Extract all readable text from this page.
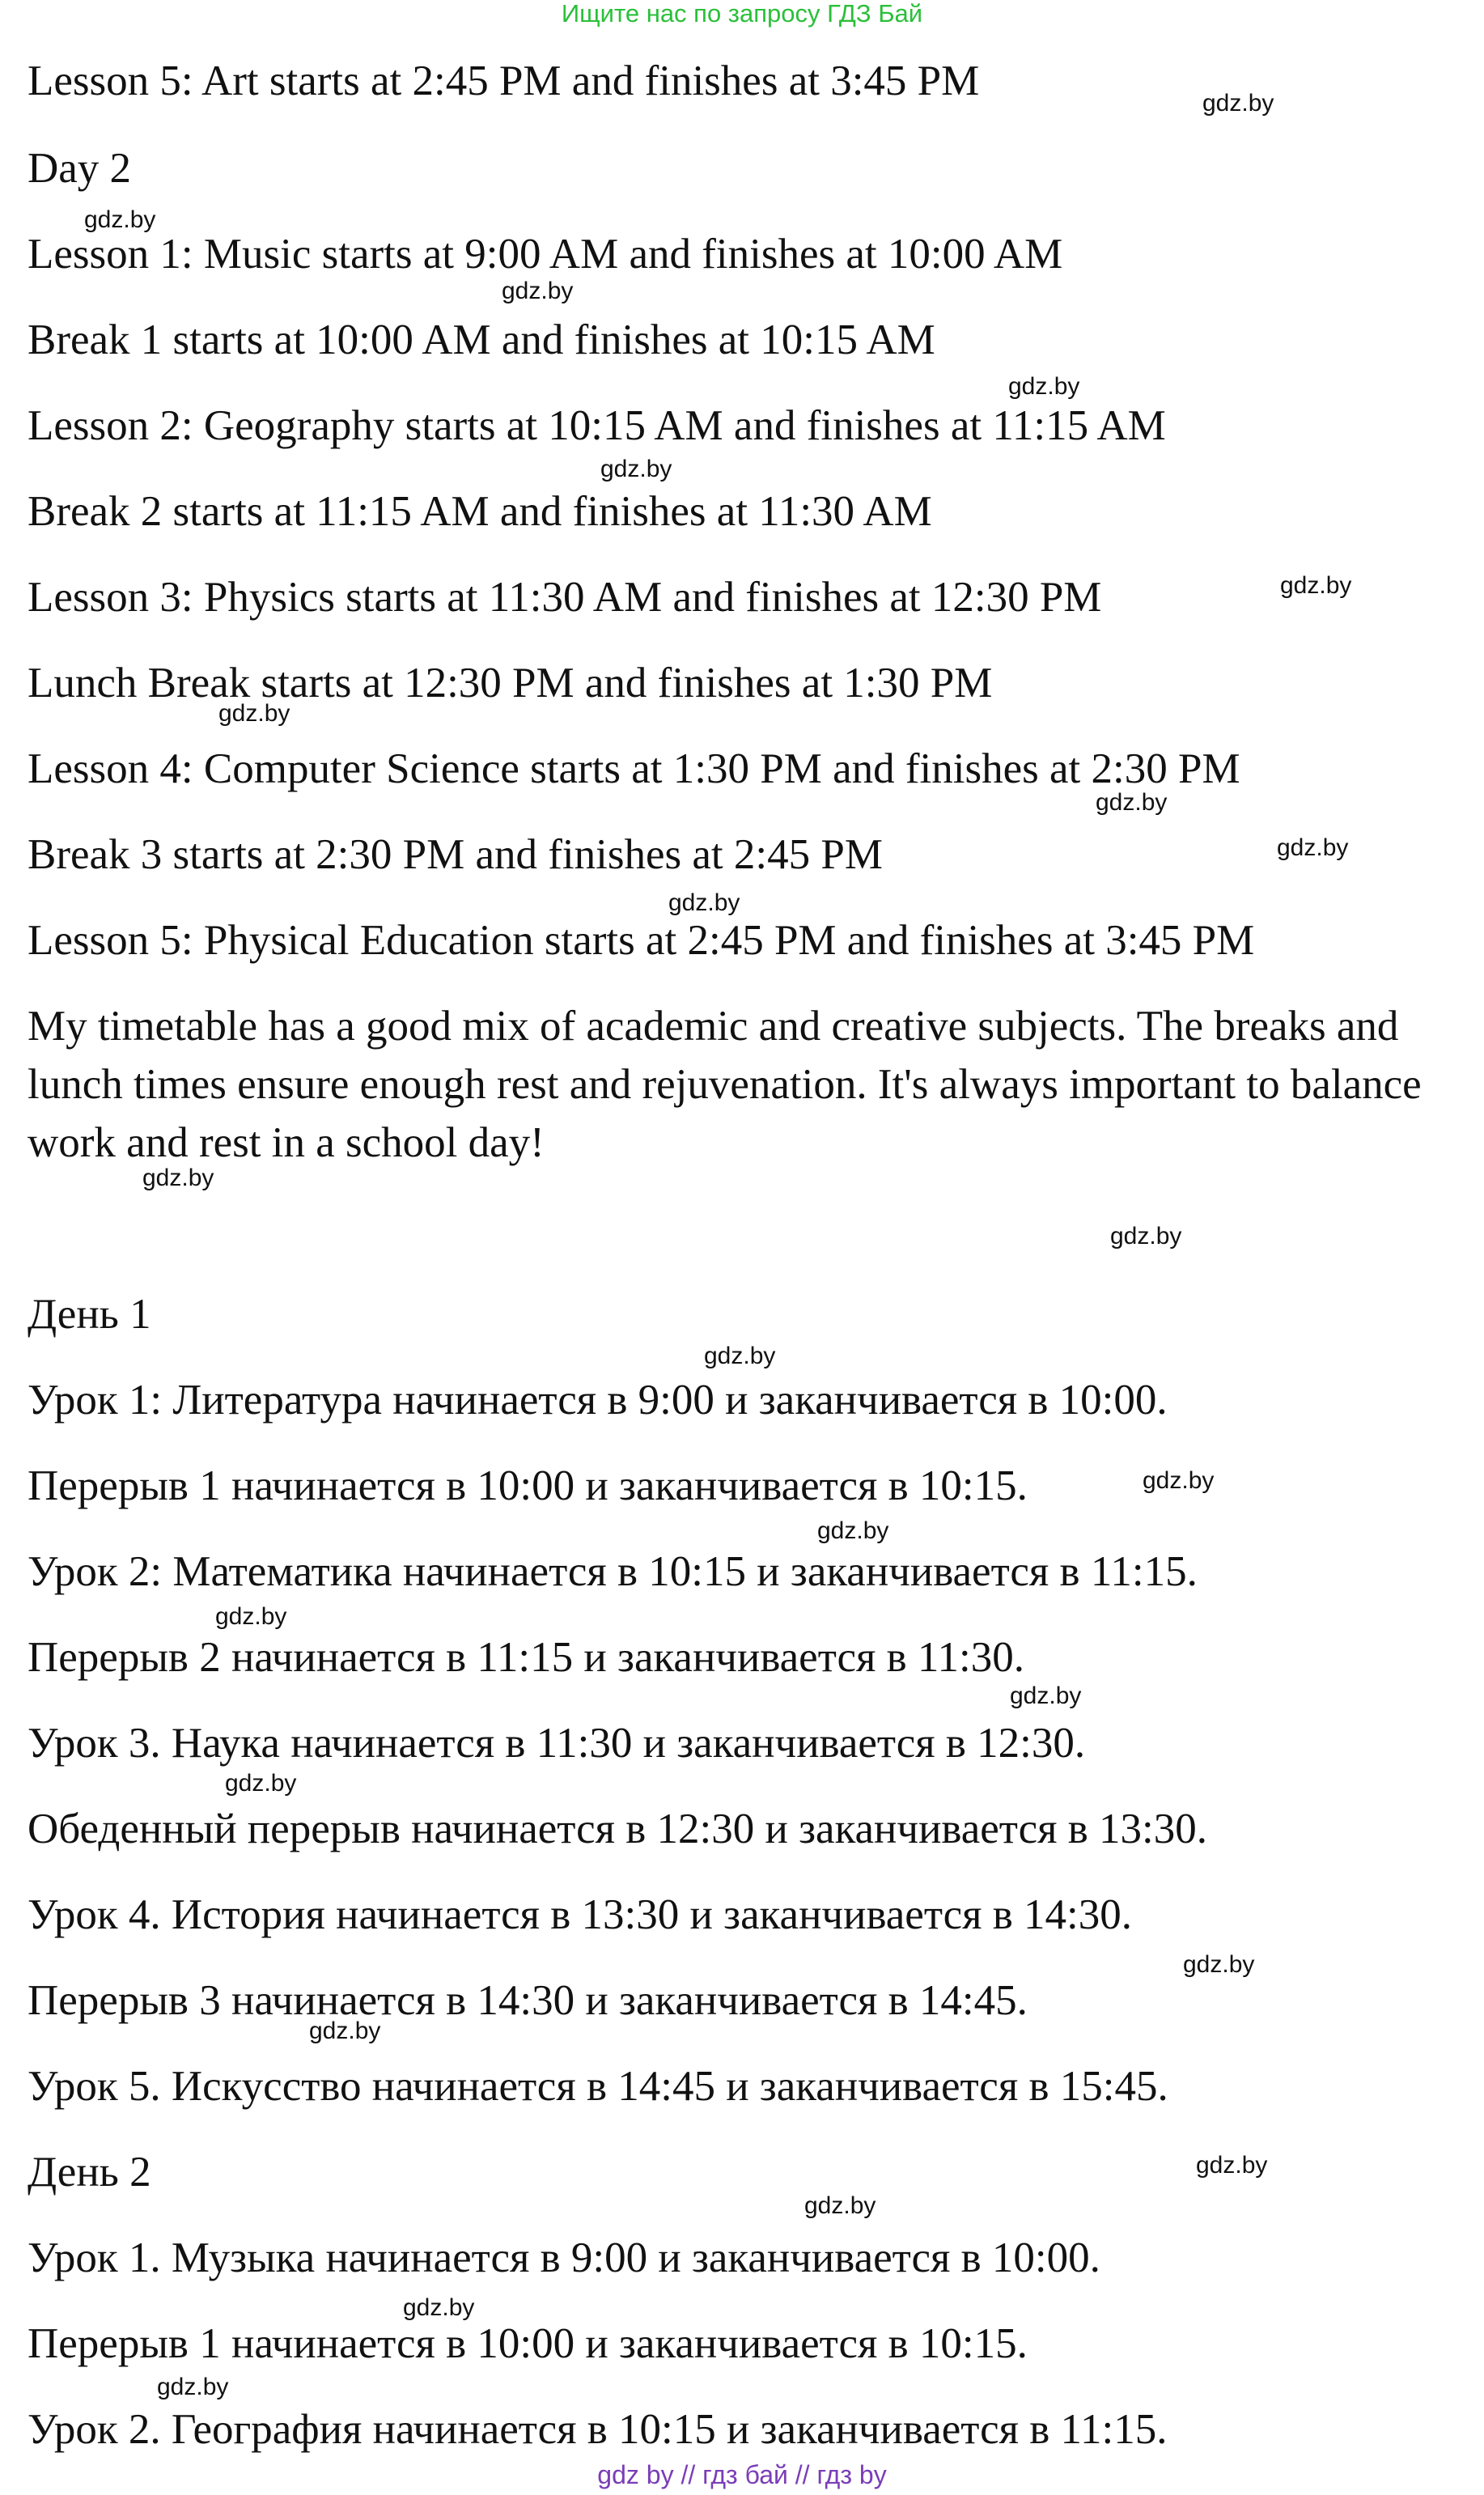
Ищите нас по запросу ГДЗ Бай
Lesson 5: Art starts at 2:45 PM and finishes at 3:45 PM
Day 2
Lesson 1: Music starts at 9:00 AM and finishes at 10:00 AM
Break 1 starts at 10:00 AM and finishes at 10:15 AM
Lesson 2: Geography starts at 10:15 AM and finishes at 11:15 AM
Break 2 starts at 11:15 AM and finishes at 11:30 AM
Lesson 3: Physics starts at 11:30 AM and finishes at 12:30 PM
Lunch Break starts at 12:30 PM and finishes at 1:30 PM
Lesson 4: Computer Science starts at 1:30 PM and finishes at 2:30 PM
Break 3 starts at 2:30 PM and finishes at 2:45 PM
Lesson 5: Physical Education starts at 2:45 PM and finishes at 3:45 PM
My timetable has a good mix of academic and creative subjects. The breaks and lunch times ensure enough rest and rejuvenation. It's always important to balance work and rest in a school day!
День 1
Урок 1: Литература начинается в 9:00 и заканчивается в 10:00.
Перерыв 1 начинается в 10:00 и заканчивается в 10:15.
Урок 2: Математика начинается в 10:15 и заканчивается в 11:15.
Перерыв 2 начинается в 11:15 и заканчивается в 11:30.
Урок 3. Наука начинается в 11:30 и заканчивается в 12:30.
Обеденный перерыв начинается в 12:30 и заканчивается в 13:30.
Урок 4. История начинается в 13:30 и заканчивается в 14:30.
Перерыв 3 начинается в 14:30 и заканчивается в 14:45.
Урок 5. Искусство начинается в 14:45 и заканчивается в 15:45.
День 2
Урок 1. Музыка начинается в 9:00 и заканчивается в 10:00.
Перерыв 1 начинается в 10:00 и заканчивается в 10:15.
Урок 2. География начинается в 10:15 и заканчивается в 11:15.
gdz.by
gdz.by
gdz.by
gdz.by
gdz.by
gdz.by
gdz.by
gdz.by
gdz.by
gdz.by
gdz.by
gdz.by
gdz.by
gdz.by
gdz.by
gdz.by
gdz.by
gdz.by
gdz.by
gdz.by
gdz.by
gdz.by
gdz.by
gdz.by
gdz by // гдз бай // гдз by
